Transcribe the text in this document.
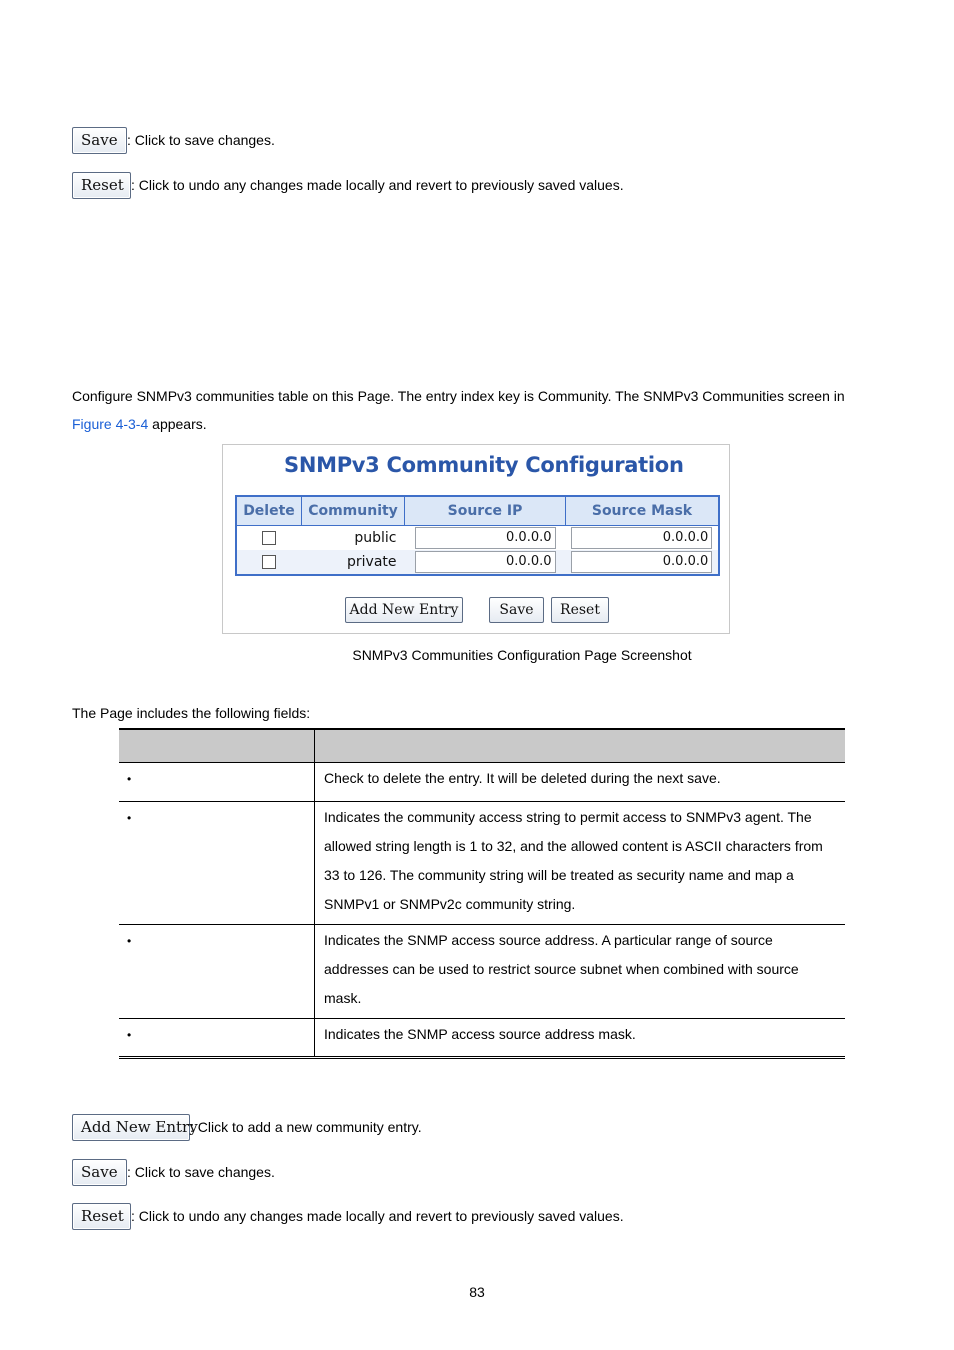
Save : Click to save changes.
Reset : Click to undo any changes made locally and revert to previously saved values.
Configure SNMPv3 communities table on this Page. The entry index key is Community. The SNMPv3 Communities screen in
Figure 4-3-4 appears.
SNMPv3 Community Configuration
Delete	Community	Source IP	Source Mask
	public	0.0.0.0	0.0.0.0

	private	0.0.0.0	0.0.0.0
Add New Entry	Save	Reset
SNMPv3 Communities Configuration Page Screenshot
The Page includes the following fields:

•	Check to delete the entry. It will be deleted during the next save.

•	Indicates the community access string to permit access to SNMPv3 agent. The
allowed string length is 1 to 32, and the allowed content is ASCII characters from
33 to 126. The community string will be treated as security name and map a
SNMPv1 or SNMPv2c community string.

•	Indicates the SNMP access source address. A particular range of source
addresses can be used to restrict source subnet when combined with source
mask.

•	Indicates the SNMP access source address mask.
Add New Entry: Click to add a new community entry.
Save : Click to save changes.
Reset : Click to undo any changes made locally and revert to previously saved values.
83
